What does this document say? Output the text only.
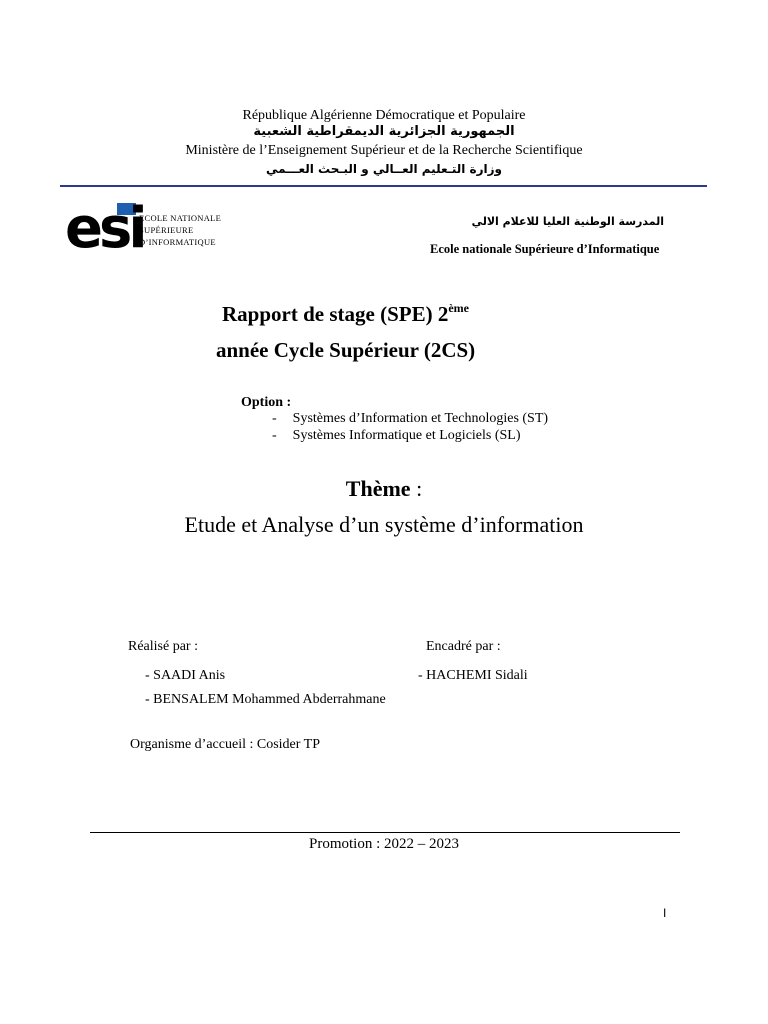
République Algérienne Démocratique et Populaire
الجمهورية الجزائرية الديمقراطية الشعبية
Ministère de l’Enseignement Supérieur et de la Recherche Scientifique
وزارة التـعليم العــالي و البـحث العـــمي
esi
ECOLE NATIONALE
SUPÉRIEURE
D’INFORMATIQUE
المدرسة الوطنية العليا للاعلام الالي
Ecole nationale Supérieure d’Informatique
Rapport de stage (SPE) 2ème
année Cycle Supérieur (2CS)
Option :
- Systèmes d’Information et Technologies (ST)
- Systèmes Informatique et Logiciels (SL)
Thème :
Etude et Analyse d’un système d’information
Réalisé par :	Encadré par :
- SAADI Anis	- HACHEMI Sidali
- BENSALEM Mohammed Abderrahmane
Organisme d’accueil : Cosider TP
Promotion : 2022 – 2023
I
